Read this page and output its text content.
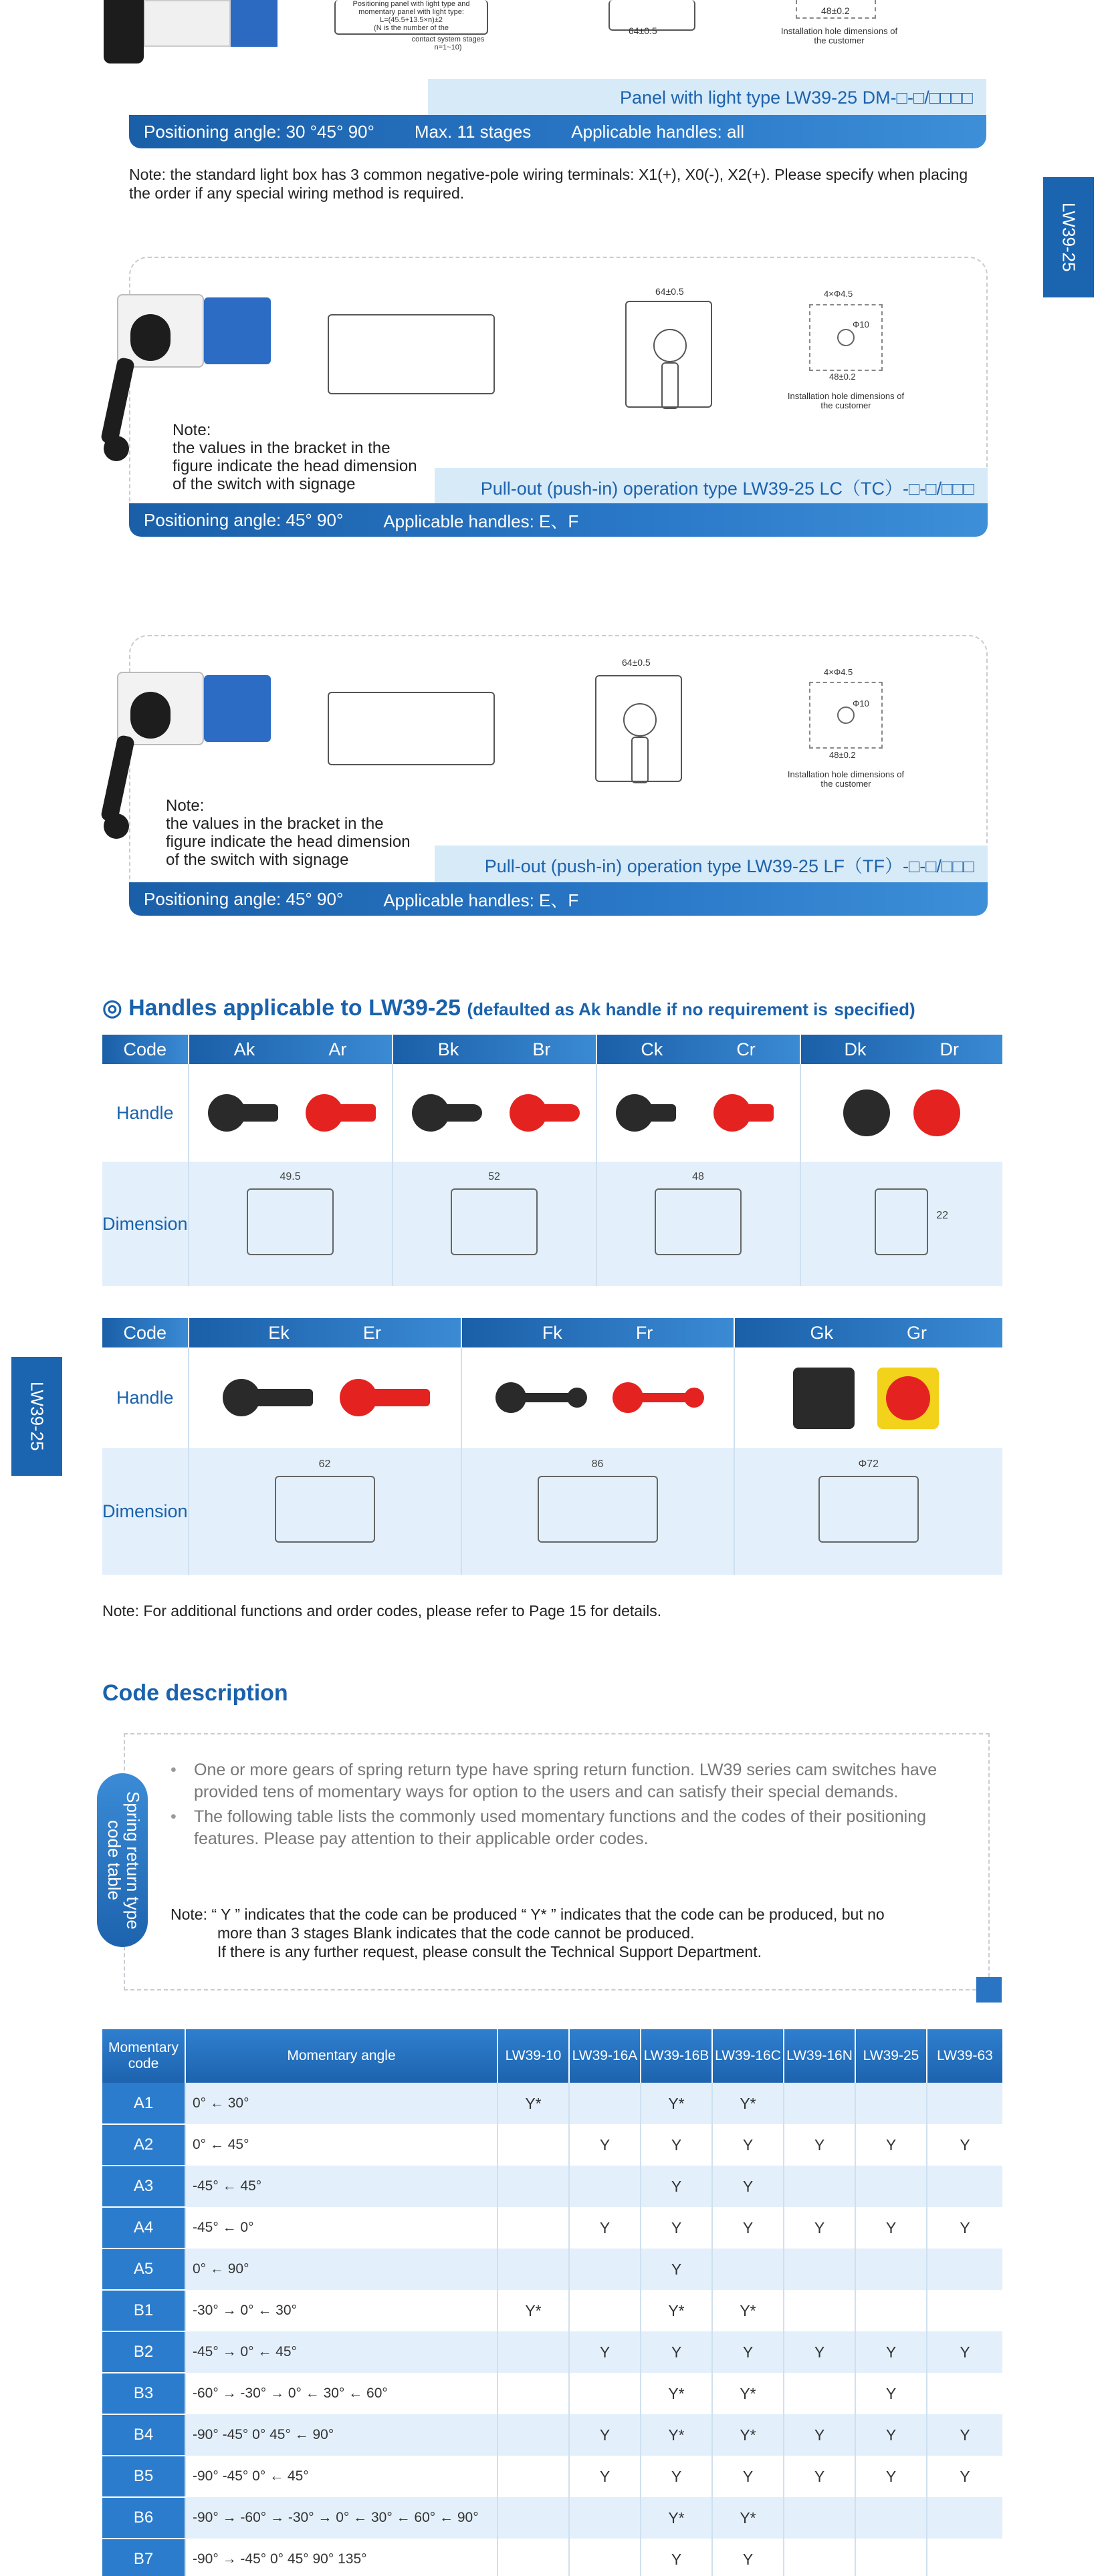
Positioning panel with light type and
momentary panel with light type:
L=(45.5+13.5×n)±2
(N is the number of the
contact system stages
n=1~10)
64±0.5
48±0.2
Installation hole dimensions of the customer
Panel with light type LW39-25 DM-□-□/□□□□
Positioning angle: 30 °45° 90° Max. 11 stages Applicable handles: all
Note: the standard light box has 3 common negative-pole wiring terminals: X1(+), X0(-), X2(+). Please specify when placing the order if any special wiring method is required.
LW39-25
64±0.5	4×Φ4.5
Φ10
48±0.2
Installation hole dimensions of the customer
Note:
the values in the bracket in the
figure indicate the head dimension
of the switch with signage	Pull-out (push-in) operation type LW39-25 LC（TC）-□-□/□□□
Positioning angle: 45° 90° Applicable handles: E、F
64±0.5
4×Φ4.5
Φ10
48±0.2
Installation hole dimensions of the customer
Note:
the values in the bracket in the
figure indicate the head dimension
of the switch with signage	Pull-out (push-in) operation type LW39-25 LF（TF）-□-□/□□□
Positioning angle: 45° 90° Applicable handles: E、F
◎ Handles applicable to LW39-25 (defaulted as Ak handle if no requirement is specified)
Code	Ak Ar	Bk Br	Ck Cr	Dk Dr
Handle	

Dimension	49.5	52	48	22
LW39-25
Code	Ek Er	Fk Fr	Gk Gr
Handle	

Dimension	62	86	Φ72
Note: For additional functions and order codes, please refer to Page 15 for details.
Code description
Spring return type code table
• One or more gears of spring return type have spring return function. LW39 series cam switches have provided tens of momentary ways for option to the users and can satisfy their special demands.
• The following table lists the commonly used momentary functions and the codes of their positioning features. Please pay attention to their applicable order codes.
Note: “ Y ” indicates that the code can be produced “ Y* ” indicates that the code can be produced, but no
more than 3 stages Blank indicates that the code cannot be produced.
If there is any further request, please consult the Technical Support Department.
Momentary code	Momentary angle	LW39-10	LW39-16A	LW39-16B	LW39-16C	LW39-16N	LW39-25	LW39-63
A1	0° ← 30°	Y*		Y*	Y*			
A2	0° ← 45°		Y	Y	Y	Y	Y	Y
A3	-45° ← 45°			Y	Y			
A4	-45° ← 0°		Y	Y	Y	Y	Y	Y
A5	0° ← 90°			Y				
B1	-30° → 0° ← 30°	Y*		Y*	Y*			
B2	-45° → 0° ← 45°		Y	Y	Y	Y	Y	Y
B3	-60° → -30° → 0° ← 30° ← 60°			Y*	Y*		Y	
B4	-90° -45° 0° 45° ← 90°		Y	Y*	Y*	Y	Y	Y
B5	-90° -45° 0° ← 45°		Y	Y	Y	Y	Y	Y
B6	-90° → -60° → -30° → 0° ← 30° ← 60° ← 90°			Y*	Y*			
B7	-90° → -45° 0° 45° 90° 135°			Y	Y			
